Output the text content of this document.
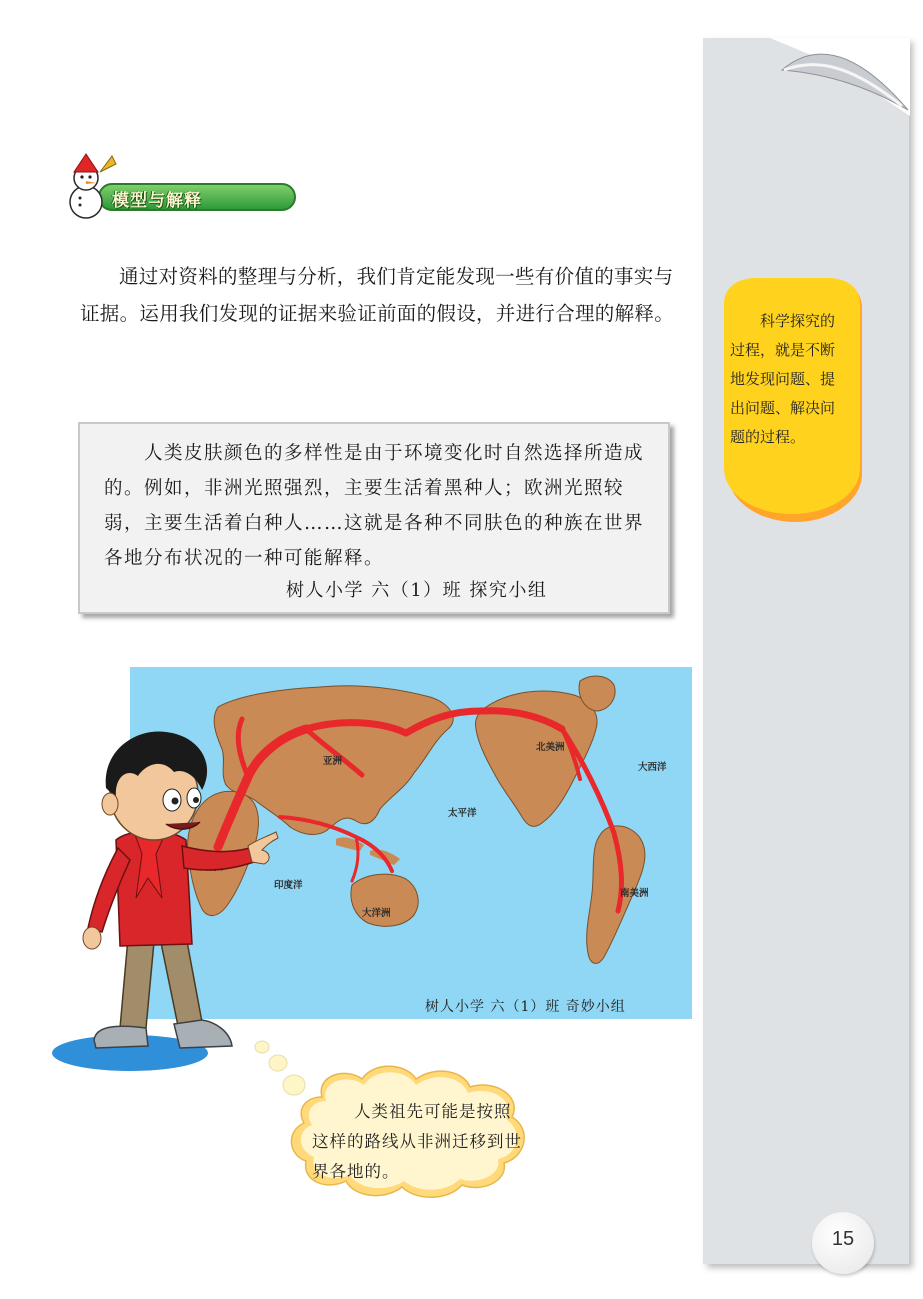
模型与解释

通过对资料的整理与分析，我们肯定能发现一些有价值的事实与证据。运用我们发现的证据来验证前面的假设，并进行合理的解释。

人类皮肤颜色的多样性是由于环境变化时自然选择所造成的。例如，非洲光照强烈，主要生活着黑种人；欧洲光照较弱，主要生活着白种人……这就是各种不同肤色的种族在世界各地分布状况的一种可能解释。

树人小学 六（1）班 探究小组

科学探究的过程，就是不断地发现问题、提出问题、解决问题的过程。

亚洲
北美洲
大西洋
太平洋
印度洋
大洋洲
南美洲
树人小学 六（1）班 奇妙小组

人类祖先可能是按照这样的路线从非洲迁移到世界各地的。

15
